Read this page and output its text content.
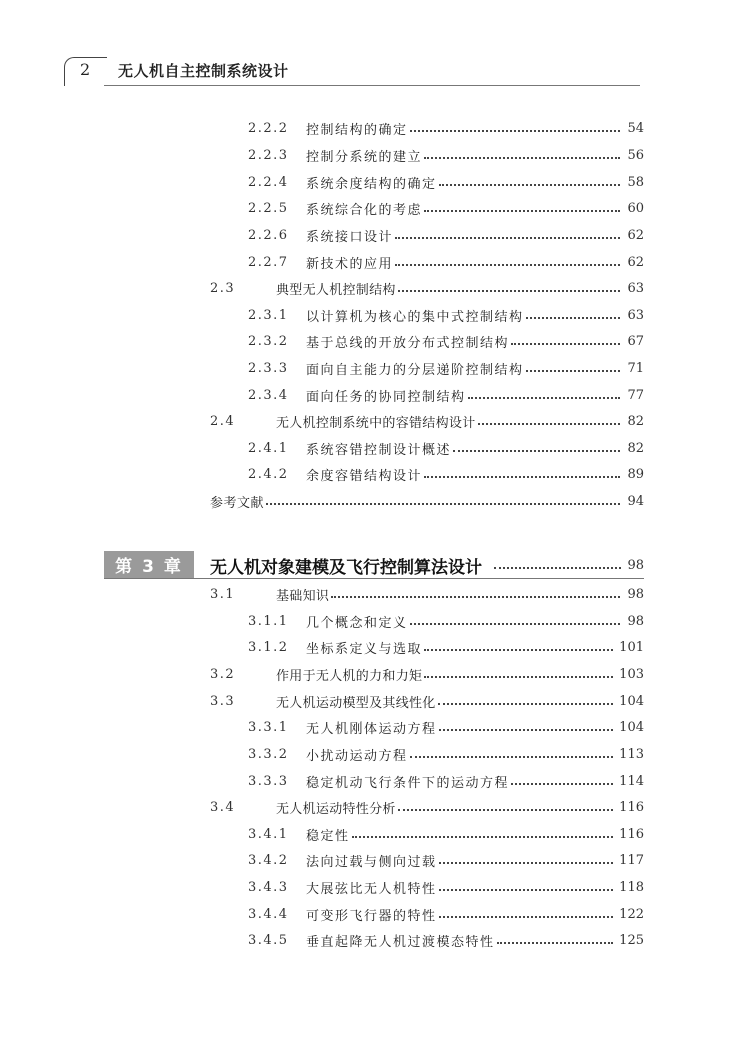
2 无人机自主控制系统设计
2.2.2	控制结构的确定	54
2.2.3	控制分系统的建立	56
2.2.4	系统余度结构的确定	58
2.2.5	系统综合化的考虑	60
2.2.6	系统接口设计	62
2.2.7	新技术的应用	62
2.3	典型无人机控制结构	63
2.3.1	以计算机为核心的集中式控制结构	63
2.3.2	基于总线的开放分布式控制结构	67
2.3.3	面向自主能力的分层递阶控制结构	71
2.3.4	面向任务的协同控制结构	77
2.4	无人机控制系统中的容错结构设计	82
2.4.1	系统容错控制设计概述	82
2.4.2	余度容错结构设计	89
参考文献	94
第 3 章	无人机对象建模及飞行控制算法设计	98
3.1	基础知识	98
3.1.1	几个概念和定义	98
3.1.2	坐标系定义与选取	101
3.2	作用于无人机的力和力矩	103
3.3	无人机运动模型及其线性化	104
3.3.1	无人机刚体运动方程	104
3.3.2	小扰动运动方程	113
3.3.3	稳定机动飞行条件下的运动方程	114
3.4	无人机运动特性分析	116
3.4.1	稳定性	116
3.4.2	法向过载与侧向过载	117
3.4.3	大展弦比无人机特性	118
3.4.4	可变形飞行器的特性	122
3.4.5	垂直起降无人机过渡模态特性	125
